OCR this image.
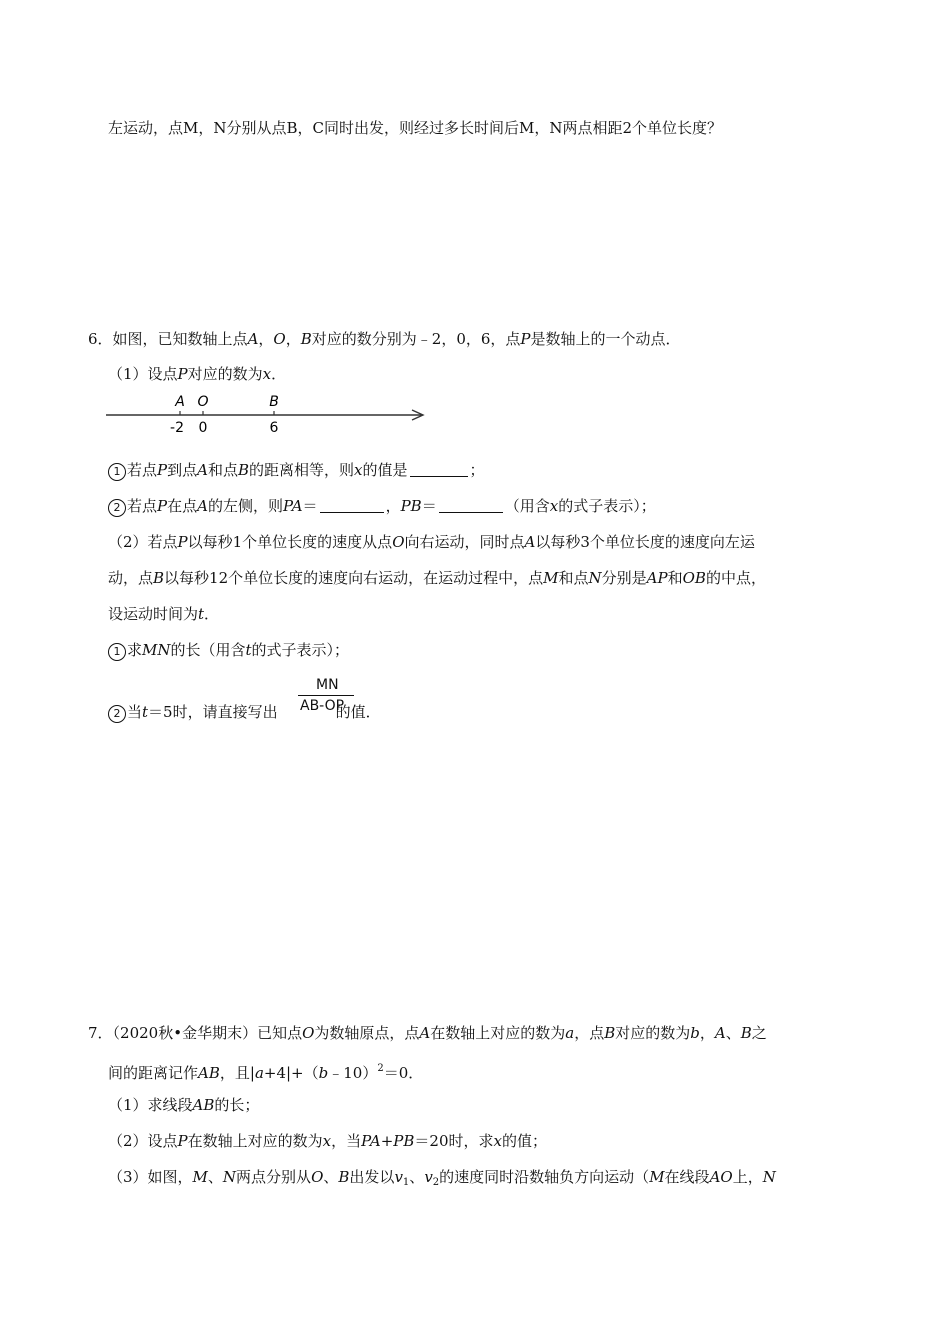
左运动，点M，N分别从点B，C同时出发，则经过多长时间后M，N两点相距2个单位长度？
6．如图，已知数轴上点A，O，B对应的数分别为﹣2，0，6，点P是数轴上的一个动点．
（1）设点P对应的数为x．
A O	B
-2 0	6
1 若点P到点A和点B的距离相等，则x的值是	；
2 若点P在点A的左侧，则PA＝	，PB＝	（用含x的式子表示）；
（2）若点P以每秒1个单位长度的速度从点O向右运动，同时点A以每秒3个单位长度的速度向左运
动，点B以每秒12个单位长度的速度向右运动，在运动过程中，点M和点N分别是AP和OB的中点，
设运动时间为t．
1 求MN的长（用含t的式子表示）；
2 当t＝5时，请直接写出	的值．
MN
AB-OP
7．（2020秋•金华期末）已知点O为数轴原点，点A在数轴上对应的数为a，点B对应的数为b，A、B之
间的距离记作AB，且|a+4|+（b﹣10）$^2$＝0．
（1）求线段AB的长；
（2）设点P在数轴上对应的数为x，当PA+PB＝20时，求x的值；
（3）如图，M、N两点分别从O、B出发以$v_1$、$v_2$的速度同时沿数轴负方向运动（M在线段AO上，N
